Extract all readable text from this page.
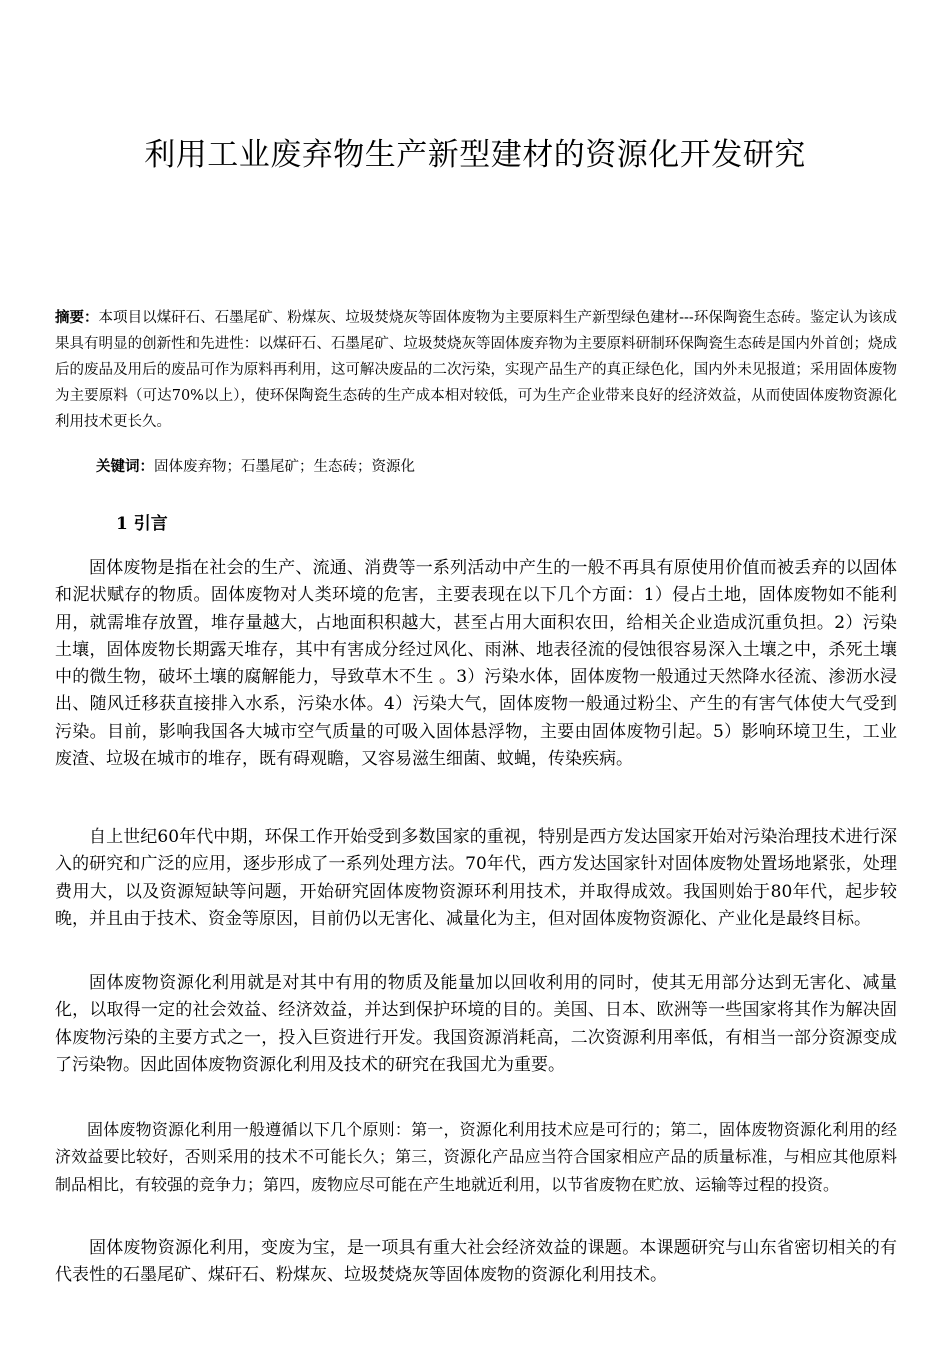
利用工业废弃物生产新型建材的资源化开发研究

摘要：本项目以煤矸石、石墨尾矿、粉煤灰、垃圾焚烧灰等固体废物为主要原料生产新型绿色建材---环保陶瓷生态砖。鉴定认为该成果具有明显的创新性和先进性：以煤矸石、石墨尾矿、垃圾焚烧灰等固体废弃物为主要原料研制环保陶瓷生态砖是国内外首创；烧成后的废品及用后的废品可作为原料再利用，这可解决废品的二次污染，实现产品生产的真正绿色化，国内外未见报道；采用固体废物为主要原料（可达70%以上），使环保陶瓷生态砖的生产成本相对较低，可为生产企业带来良好的经济效益，从而使固体废物资源化利用技术更长久。

关键词：固体废弃物；石墨尾矿；生态砖；资源化

1 引言

固体废物是指在社会的生产、流通、消费等一系列活动中产生的一般不再具有原使用价值而被丢弃的以固体和泥状赋存的物质。固体废物对人类环境的危害，主要表现在以下几个方面：1）侵占土地，固体废物如不能利用，就需堆存放置，堆存量越大，占地面积积越大，甚至占用大面积农田，给相关企业造成沉重负担。2）污染土壤，固体废物长期露天堆存，其中有害成分经过风化、雨淋、地表径流的侵蚀很容易深入土壤之中，杀死土壤中的微生物，破坏土壤的腐解能力，导致草木不生 。3）污染水体，固体废物一般通过天然降水径流、渗沥水浸出、随风迁移获直接排入水系，污染水体。4）污染大气，固体废物一般通过粉尘、产生的有害气体使大气受到污染。目前，影响我国各大城市空气质量的可吸入固体悬浮物，主要由固体废物引起。5）影响环境卫生，工业废渣、垃圾在城市的堆存，既有碍观瞻，又容易滋生细菌、蚊蝇，传染疾病。

自上世纪60年代中期，环保工作开始受到多数国家的重视，特别是西方发达国家开始对污染治理技术进行深入的研究和广泛的应用，逐步形成了一系列处理方法。70年代，西方发达国家针对固体废物处置场地紧张，处理费用大，以及资源短缺等问题，开始研究固体废物资源环利用技术，并取得成效。我国则始于80年代，起步较晚，并且由于技术、资金等原因，目前仍以无害化、减量化为主，但对固体废物资源化、产业化是最终目标。

固体废物资源化利用就是对其中有用的物质及能量加以回收利用的同时，使其无用部分达到无害化、减量化，以取得一定的社会效益、经济效益，并达到保护环境的目的。美国、日本、欧洲等一些国家将其作为解决固体废物污染的主要方式之一，投入巨资进行开发。我国资源消耗高，二次资源利用率低，有相当一部分资源变成了污染物。因此固体废物资源化利用及技术的研究在我国尤为重要。

固体废物资源化利用一般遵循以下几个原则：第一，资源化利用技术应是可行的；第二，固体废物资源化利用的经济效益要比较好，否则采用的技术不可能长久；第三，资源化产品应当符合国家相应产品的质量标准，与相应其他原料制品相比，有较强的竞争力；第四，废物应尽可能在产生地就近利用，以节省废物在贮放、运输等过程的投资。

固体废物资源化利用，变废为宝，是一项具有重大社会经济效益的课题。本课题研究与山东省密切相关的有代表性的石墨尾矿、煤矸石、粉煤灰、垃圾焚烧灰等固体废物的资源化利用技术。
